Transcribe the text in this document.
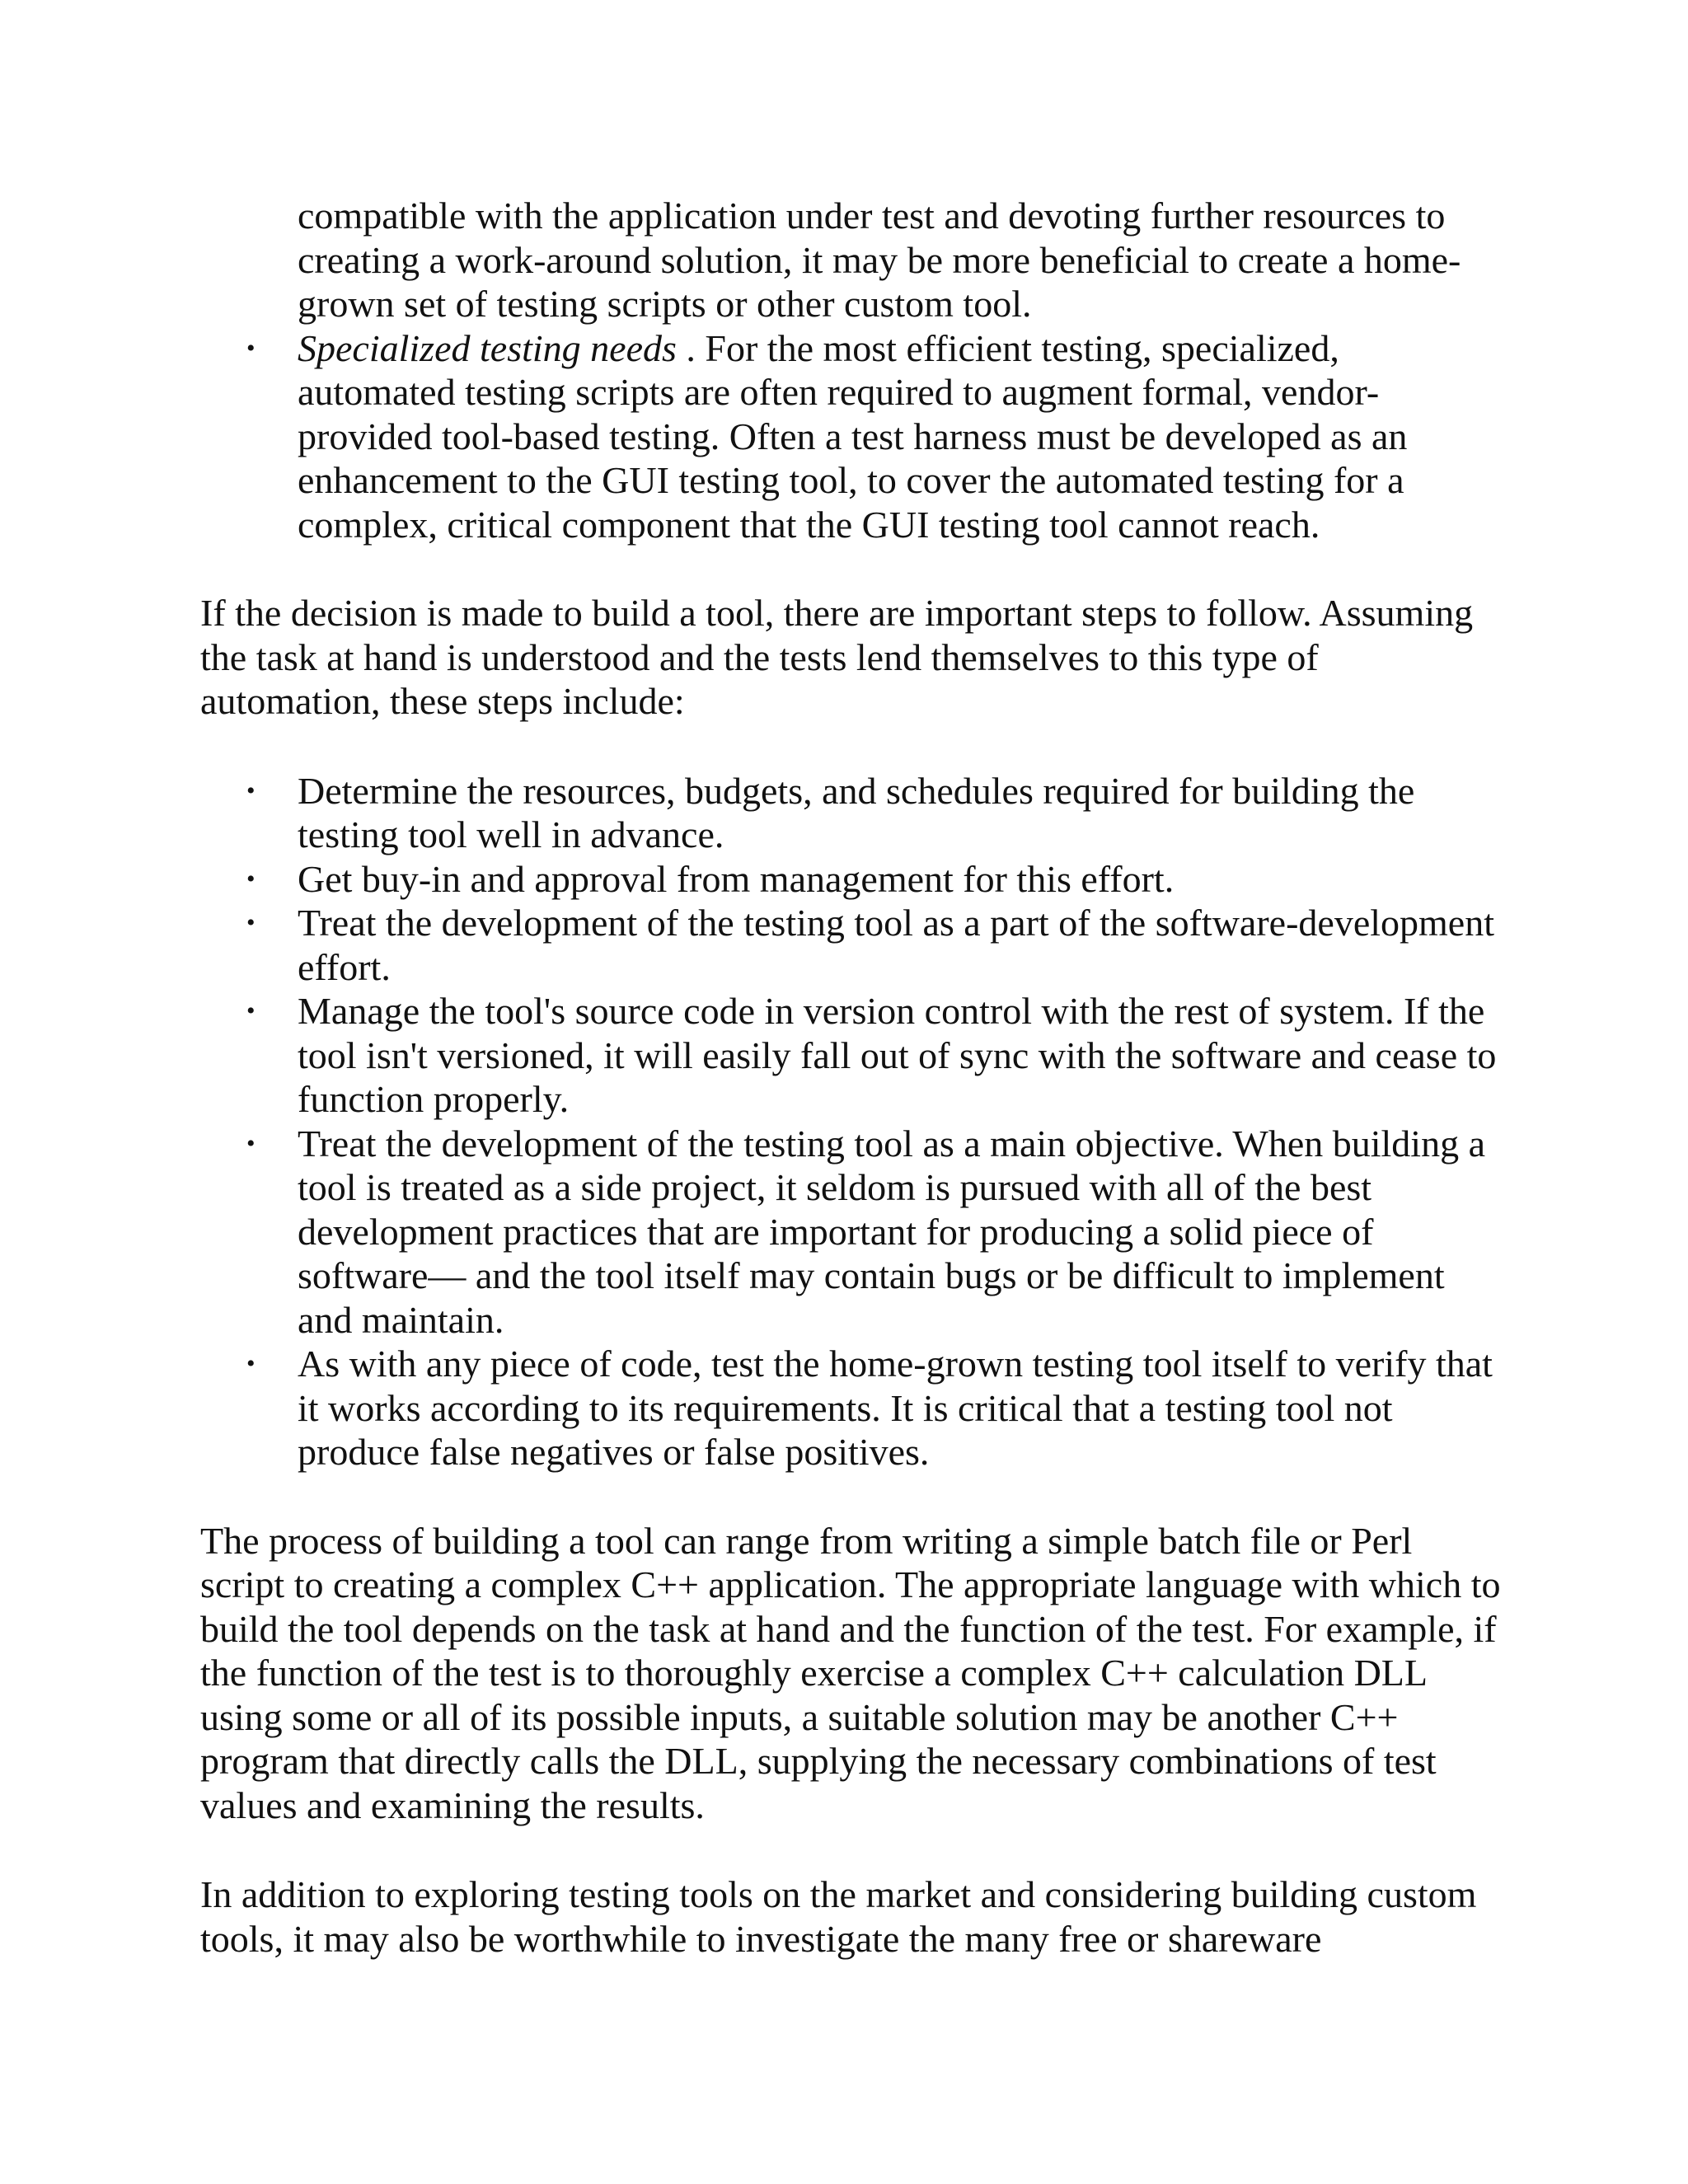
compatible with the application under test and devoting further resources to creating a work-around solution, it may be more beneficial to create a home-grown set of testing scripts or other custom tool.

• Specialized testing needs . For the most efficient testing, specialized, automated testing scripts are often required to augment formal, vendor-provided tool-based testing. Often a test harness must be developed as an enhancement to the GUI testing tool, to cover the automated testing for a complex, critical component that the GUI testing tool cannot reach.

If the decision is made to build a tool, there are important steps to follow. Assuming the task at hand is understood and the tests lend themselves to this type of automation, these steps include:

• Determine the resources, budgets, and schedules required for building the testing tool well in advance.
• Get buy-in and approval from management for this effort.
• Treat the development of the testing tool as a part of the software-development effort.
• Manage the tool's source code in version control with the rest of system. If the tool isn't versioned, it will easily fall out of sync with the software and cease to function properly.
• Treat the development of the testing tool as a main objective. When building a tool is treated as a side project, it seldom is pursued with all of the best development practices that are important for producing a solid piece of software— and the tool itself may contain bugs or be difficult to implement and maintain.
• As with any piece of code, test the home-grown testing tool itself to verify that it works according to its requirements. It is critical that a testing tool not produce false negatives or false positives.

The process of building a tool can range from writing a simple batch file or Perl script to creating a complex C++ application. The appropriate language with which to build the tool depends on the task at hand and the function of the test. For example, if the function of the test is to thoroughly exercise a complex C++ calculation DLL using some or all of its possible inputs, a suitable solution may be another C++ program that directly calls the DLL, supplying the necessary combinations of test values and examining the results.

In addition to exploring testing tools on the market and considering building custom tools, it may also be worthwhile to investigate the many free or shareware
